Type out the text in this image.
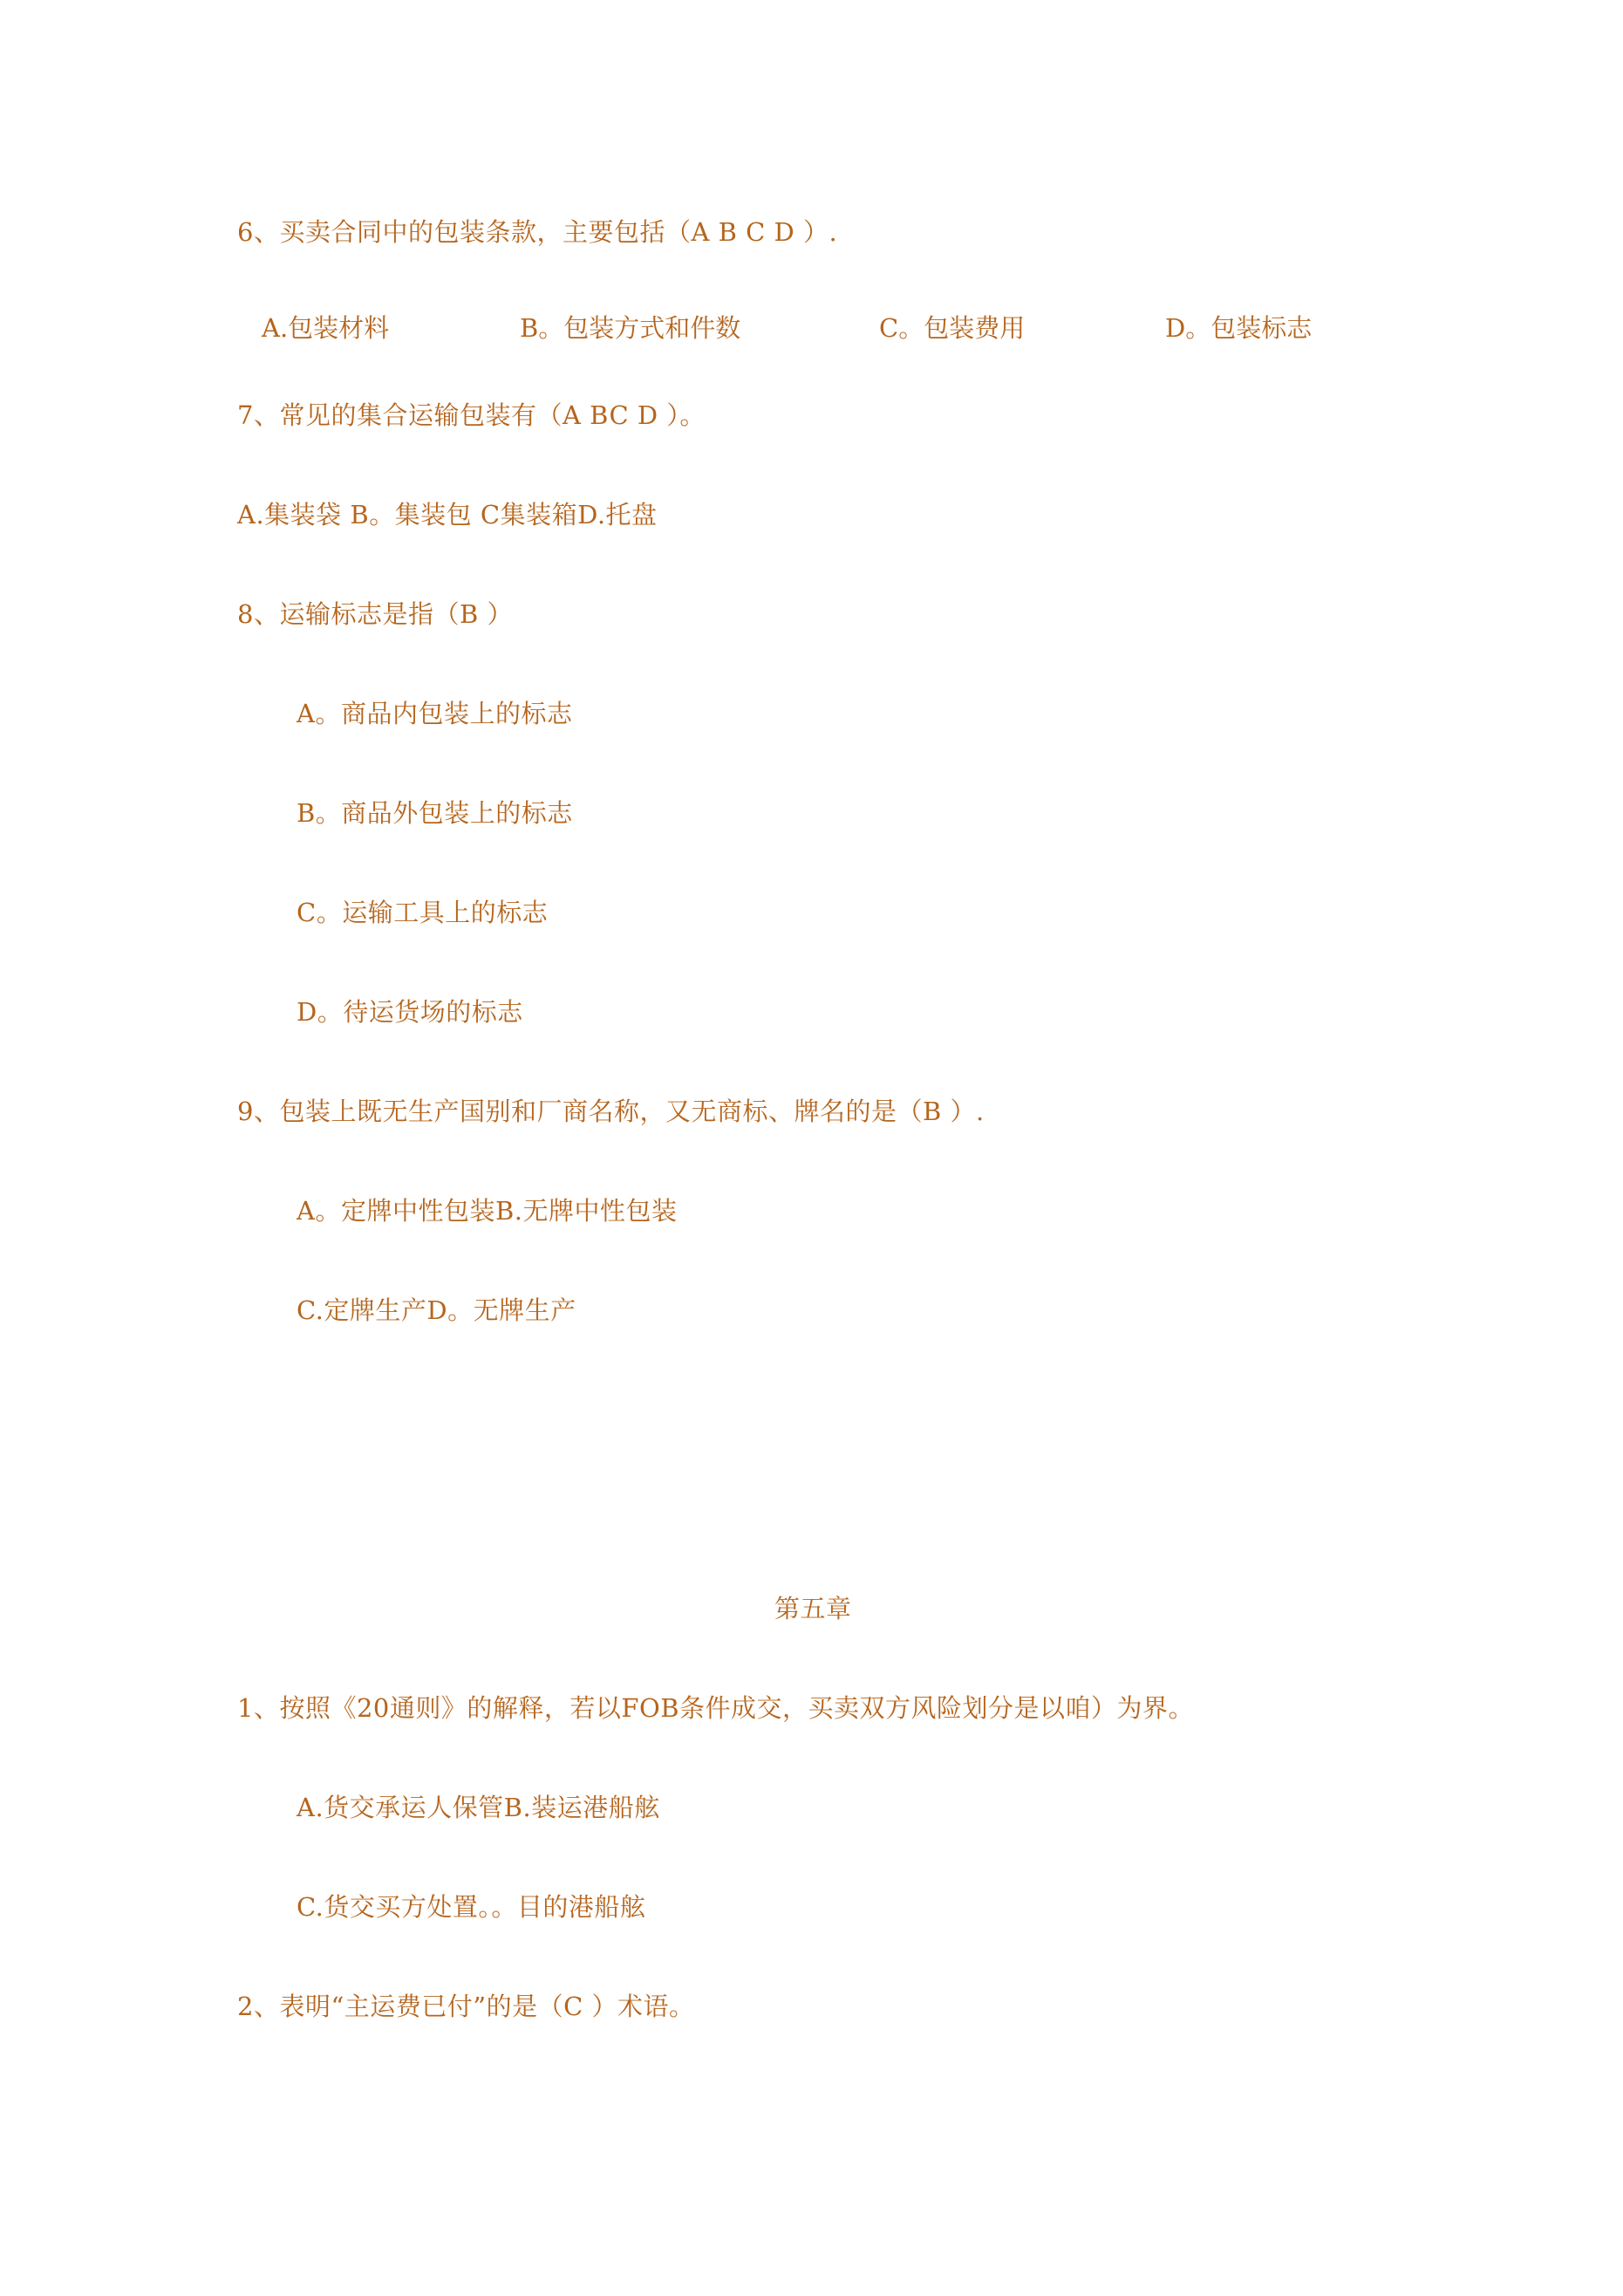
6、买卖合同中的包装条款，主要包括（A B C D ）.
A.包装材料	B。包装方式和件数	C。包装费用	D。包装标志
7、常见的集合运输包装有（A BC D ）。
A.集装袋 B。集装包 C集装箱D.托盘
8、运输标志是指（B ）
A。商品内包装上的标志
B。商品外包装上的标志
C。运输工具上的标志
D。待运货场的标志
9、包装上既无生产国别和厂商名称，又无商标、牌名的是（B ）.
A。定牌中性包装B.无牌中性包装
C.定牌生产D。无牌生产
第五章
1、按照《20通则》的解释，若以FOB条件成交，买卖双方风险划分是以咱）为界。
A.货交承运人保管B.装运港船舷
C.货交买方处置。。目的港船舷
2、表明“主运费已付”的是（C ）术语。
